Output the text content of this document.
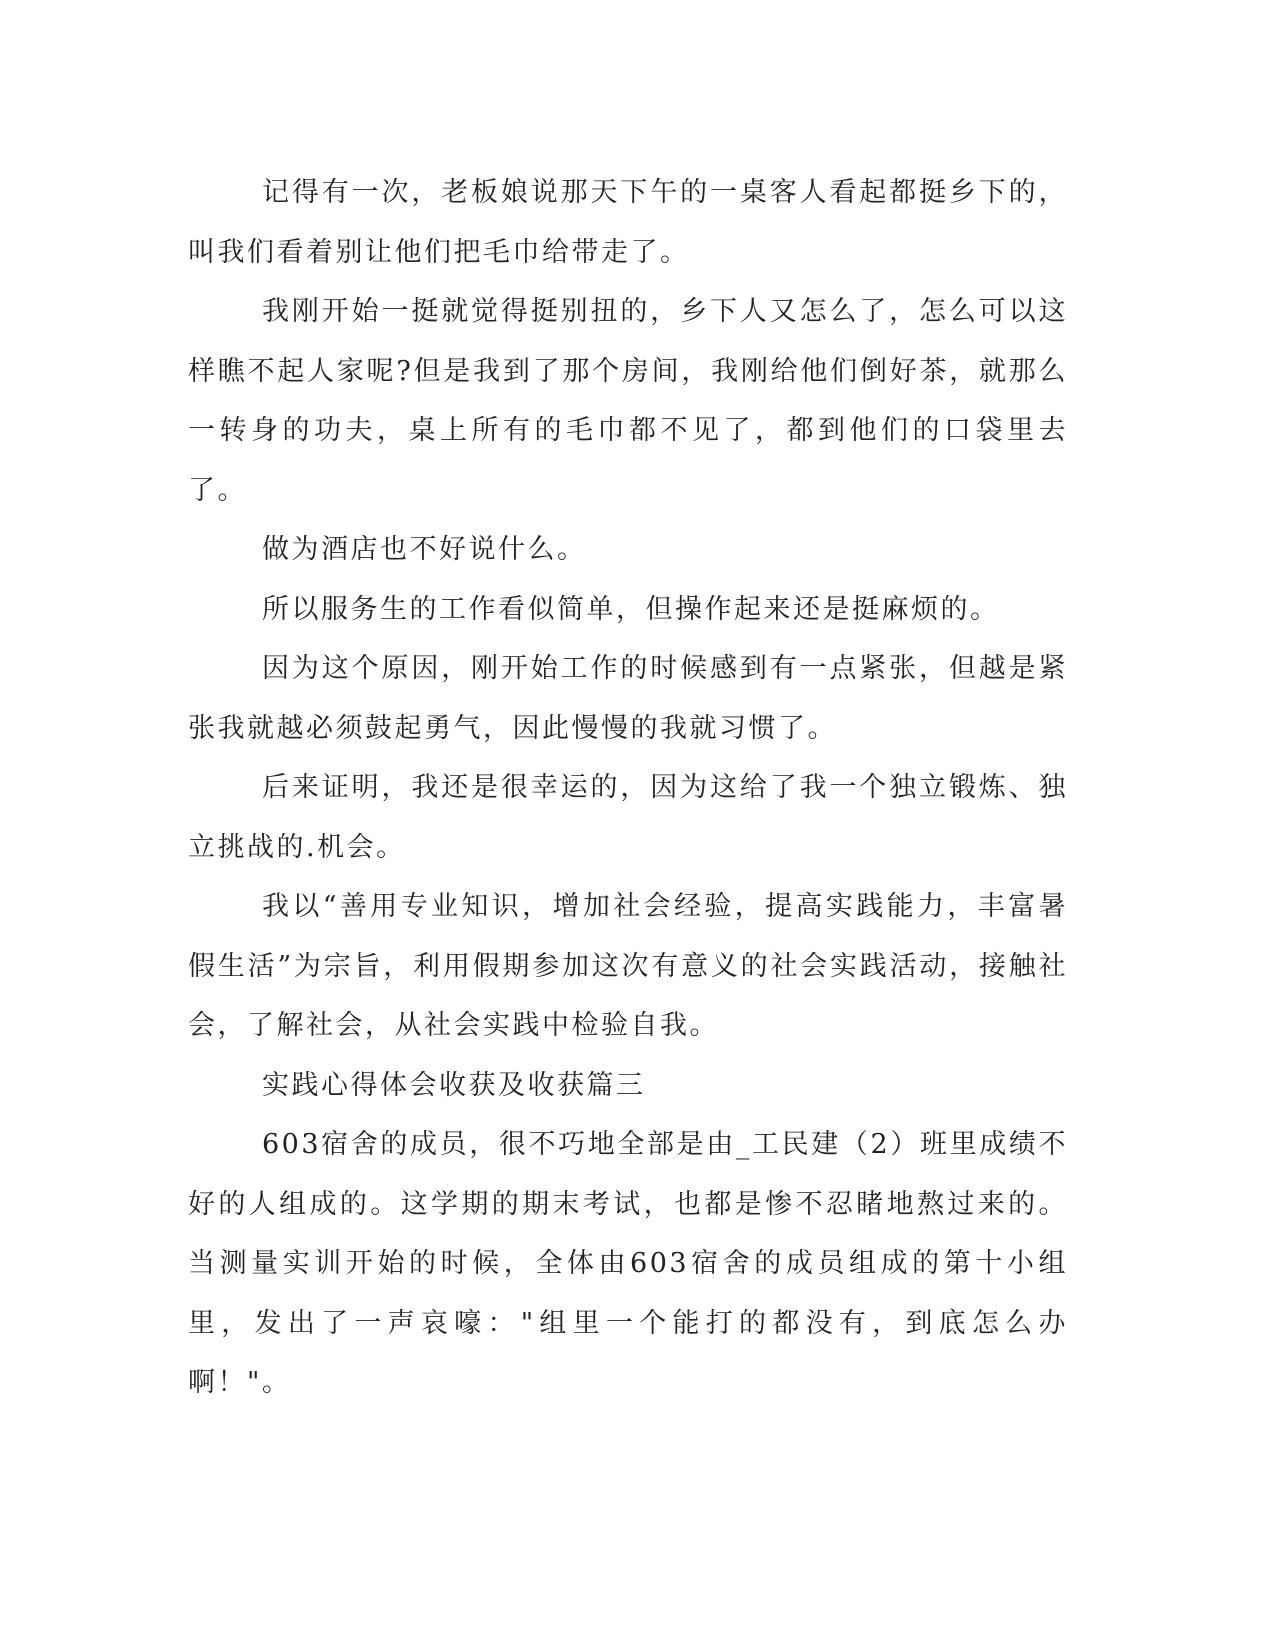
记得有一次，老板娘说那天下午的一桌客人看起都挺乡下的，叫我们看着别让他们把毛巾给带走了。

我刚开始一挺就觉得挺别扭的，乡下人又怎么了，怎么可以这样瞧不起人家呢?但是我到了那个房间，我刚给他们倒好茶，就那么一转身的功夫，桌上所有的毛巾都不见了，都到他们的口袋里去了。

做为酒店也不好说什么。

所以服务生的工作看似简单，但操作起来还是挺麻烦的。

因为这个原因，刚开始工作的时候感到有一点紧张，但越是紧张我就越必须鼓起勇气，因此慢慢的我就习惯了。

后来证明，我还是很幸运的，因为这给了我一个独立锻炼、独立挑战的.机会。

我以“善用专业知识，增加社会经验，提高实践能力，丰富暑假生活”为宗旨，利用假期参加这次有意义的社会实践活动，接触社会，了解社会，从社会实践中检验自我。

实践心得体会收获及收获篇三

603宿舍的成员，很不巧地全部是由_工民建（2）班里成绩不好的人组成的。这学期的期末考试，也都是惨不忍睹地熬过来的。当测量实训开始的时候，全体由603宿舍的成员组成的第十小组里，发出了一声哀嚎："组里一个能打的都没有，到底怎么办啊！"。
